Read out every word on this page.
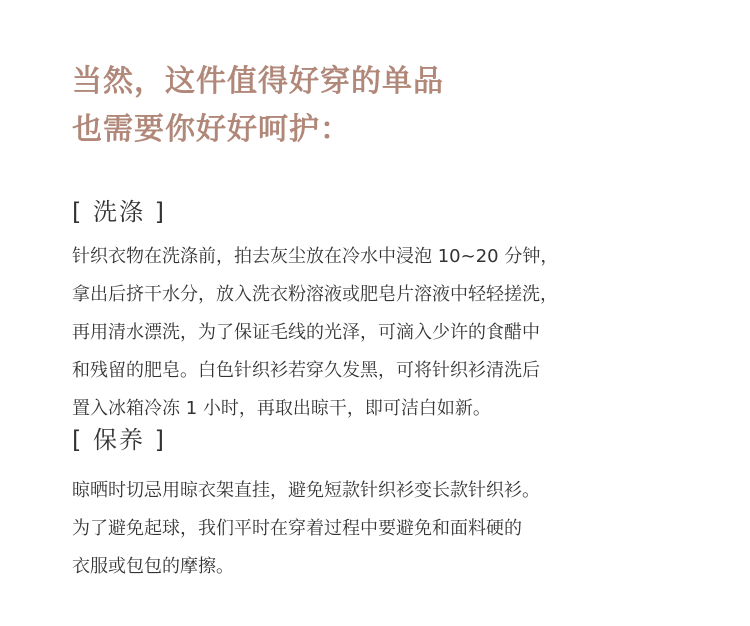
当然，这件值得好穿的单品
也需要你好好呵护：
[ 洗涤 ]
针织衣物在洗涤前，拍去灰尘放在冷水中浸泡 10~20 分钟，
拿出后挤干水分，放入洗衣粉溶液或肥皂片溶液中轻轻搓洗，
再用清水漂洗，为了保证毛线的光泽，可滴入少许的食醋中
和残留的肥皂。白色针织衫若穿久发黑，可将针织衫清洗后
置入冰箱冷冻 1 小时，再取出晾干，即可洁白如新。
[ 保养 ]
晾晒时切忌用晾衣架直挂，避免短款针织衫变长款针织衫。
为了避免起球，我们平时在穿着过程中要避免和面料硬的
衣服或包包的摩擦。
